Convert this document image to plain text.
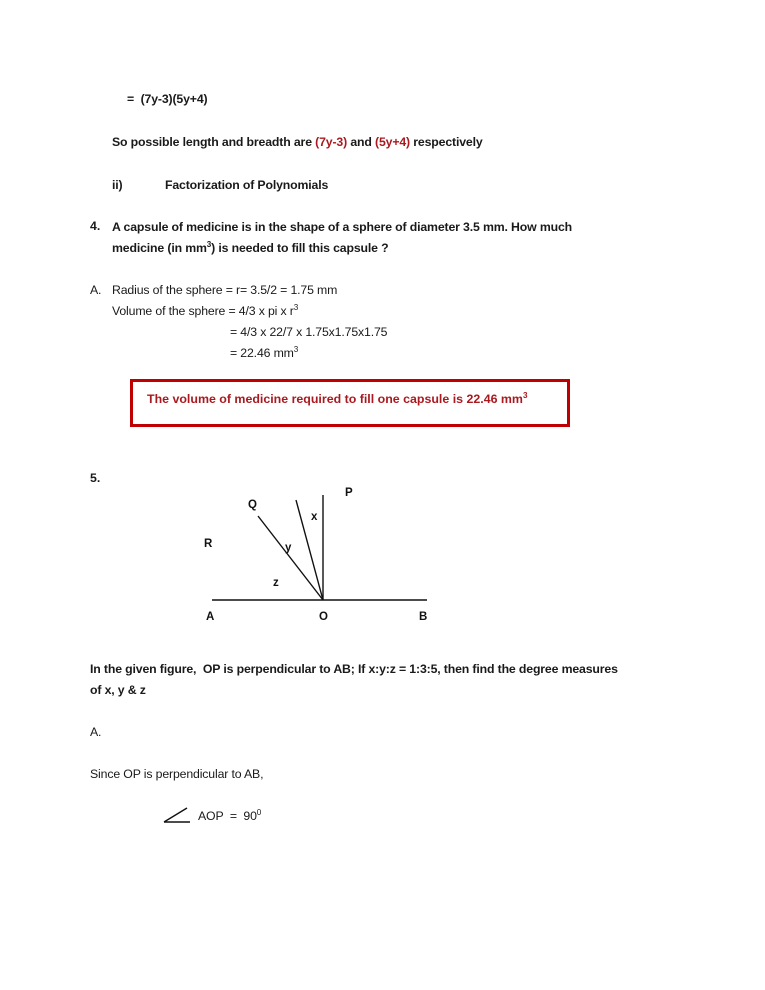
=  (7y-3)(5y+4)
So possible length and breadth are (7y-3) and (5y+4) respectively
ii)	Factorization of Polynomials
4. A capsule of medicine is in the shape of a sphere of diameter 3.5 mm. How much
medicine (in $mm^3$) is needed to fill this capsule ?
A. Radius of the sphere = r= 3.5/2 = 1.75 mm
Volume of the sphere = 4/3 x pi x $r^3$
= 4/3 x 22/7 x 1.75x1.75x1.75
= 22.46 $mm^3$
The volume of medicine required to fill one capsule is 22.46 $mm^3$
5.
P
Q
R
x
y
z
A	O	B
In the given figure,  OP is perpendicular to AB; If x:y:z = 1:3:5, then find the degree measures
of x, y & z
A.
Since OP is perpendicular to AB,
AOP  =  $90^0$
